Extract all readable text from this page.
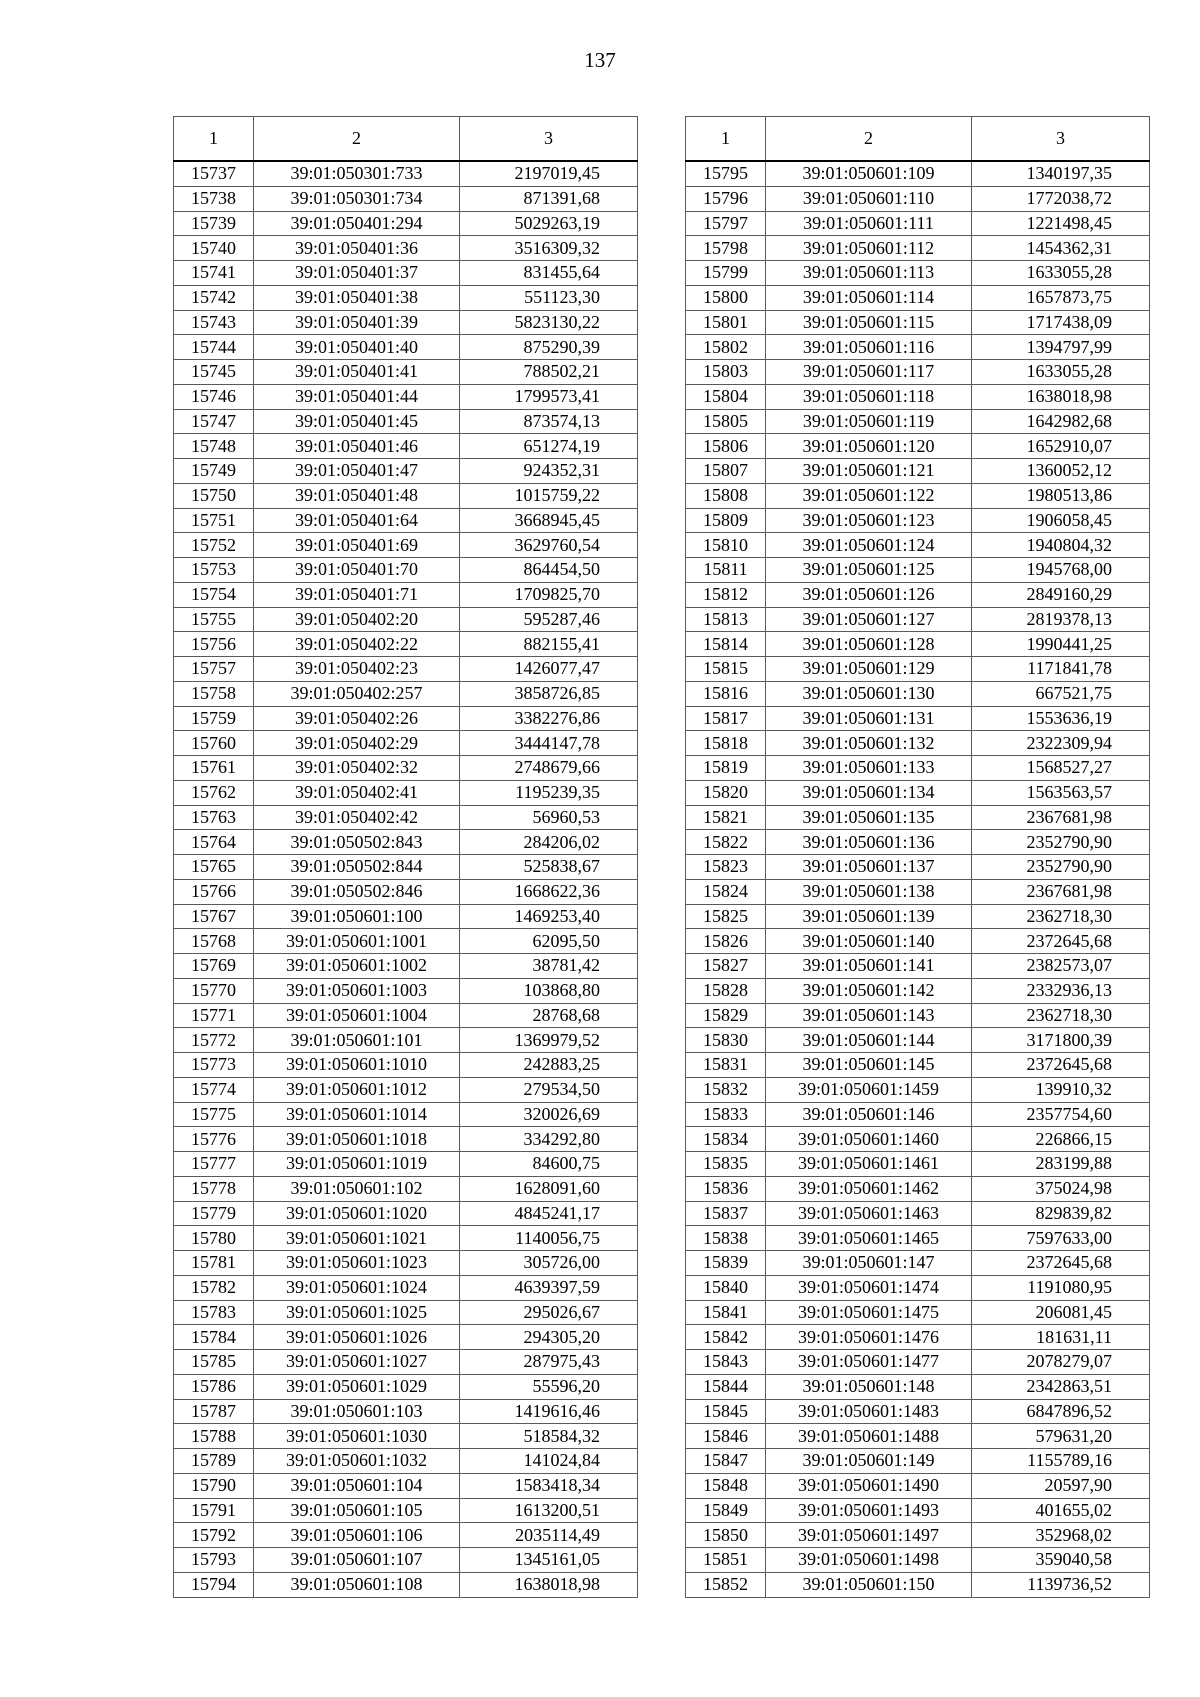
137
1	2	3
15737	39:01:050301:733	2197019,45
15738	39:01:050301:734	871391,68
15739	39:01:050401:294	5029263,19
15740	39:01:050401:36	3516309,32
15741	39:01:050401:37	831455,64
15742	39:01:050401:38	551123,30
15743	39:01:050401:39	5823130,22
15744	39:01:050401:40	875290,39
15745	39:01:050401:41	788502,21
15746	39:01:050401:44	1799573,41
15747	39:01:050401:45	873574,13
15748	39:01:050401:46	651274,19
15749	39:01:050401:47	924352,31
15750	39:01:050401:48	1015759,22
15751	39:01:050401:64	3668945,45
15752	39:01:050401:69	3629760,54
15753	39:01:050401:70	864454,50
15754	39:01:050401:71	1709825,70
15755	39:01:050402:20	595287,46
15756	39:01:050402:22	882155,41
15757	39:01:050402:23	1426077,47
15758	39:01:050402:257	3858726,85
15759	39:01:050402:26	3382276,86
15760	39:01:050402:29	3444147,78
15761	39:01:050402:32	2748679,66
15762	39:01:050402:41	1195239,35
15763	39:01:050402:42	56960,53
15764	39:01:050502:843	284206,02
15765	39:01:050502:844	525838,67
15766	39:01:050502:846	1668622,36
15767	39:01:050601:100	1469253,40
15768	39:01:050601:1001	62095,50
15769	39:01:050601:1002	38781,42
15770	39:01:050601:1003	103868,80
15771	39:01:050601:1004	28768,68
15772	39:01:050601:101	1369979,52
15773	39:01:050601:1010	242883,25
15774	39:01:050601:1012	279534,50
15775	39:01:050601:1014	320026,69
15776	39:01:050601:1018	334292,80
15777	39:01:050601:1019	84600,75
15778	39:01:050601:102	1628091,60
15779	39:01:050601:1020	4845241,17
15780	39:01:050601:1021	1140056,75
15781	39:01:050601:1023	305726,00
15782	39:01:050601:1024	4639397,59
15783	39:01:050601:1025	295026,67
15784	39:01:050601:1026	294305,20
15785	39:01:050601:1027	287975,43
15786	39:01:050601:1029	55596,20
15787	39:01:050601:103	1419616,46
15788	39:01:050601:1030	518584,32
15789	39:01:050601:1032	141024,84
15790	39:01:050601:104	1583418,34
15791	39:01:050601:105	1613200,51
15792	39:01:050601:106	2035114,49
15793	39:01:050601:107	1345161,05
15794	39:01:050601:108	1638018,98
1	2	3
15795	39:01:050601:109	1340197,35
15796	39:01:050601:110	1772038,72
15797	39:01:050601:111	1221498,45
15798	39:01:050601:112	1454362,31
15799	39:01:050601:113	1633055,28
15800	39:01:050601:114	1657873,75
15801	39:01:050601:115	1717438,09
15802	39:01:050601:116	1394797,99
15803	39:01:050601:117	1633055,28
15804	39:01:050601:118	1638018,98
15805	39:01:050601:119	1642982,68
15806	39:01:050601:120	1652910,07
15807	39:01:050601:121	1360052,12
15808	39:01:050601:122	1980513,86
15809	39:01:050601:123	1906058,45
15810	39:01:050601:124	1940804,32
15811	39:01:050601:125	1945768,00
15812	39:01:050601:126	2849160,29
15813	39:01:050601:127	2819378,13
15814	39:01:050601:128	1990441,25
15815	39:01:050601:129	1171841,78
15816	39:01:050601:130	667521,75
15817	39:01:050601:131	1553636,19
15818	39:01:050601:132	2322309,94
15819	39:01:050601:133	1568527,27
15820	39:01:050601:134	1563563,57
15821	39:01:050601:135	2367681,98
15822	39:01:050601:136	2352790,90
15823	39:01:050601:137	2352790,90
15824	39:01:050601:138	2367681,98
15825	39:01:050601:139	2362718,30
15826	39:01:050601:140	2372645,68
15827	39:01:050601:141	2382573,07
15828	39:01:050601:142	2332936,13
15829	39:01:050601:143	2362718,30
15830	39:01:050601:144	3171800,39
15831	39:01:050601:145	2372645,68
15832	39:01:050601:1459	139910,32
15833	39:01:050601:146	2357754,60
15834	39:01:050601:1460	226866,15
15835	39:01:050601:1461	283199,88
15836	39:01:050601:1462	375024,98
15837	39:01:050601:1463	829839,82
15838	39:01:050601:1465	7597633,00
15839	39:01:050601:147	2372645,68
15840	39:01:050601:1474	1191080,95
15841	39:01:050601:1475	206081,45
15842	39:01:050601:1476	181631,11
15843	39:01:050601:1477	2078279,07
15844	39:01:050601:148	2342863,51
15845	39:01:050601:1483	6847896,52
15846	39:01:050601:1488	579631,20
15847	39:01:050601:149	1155789,16
15848	39:01:050601:1490	20597,90
15849	39:01:050601:1493	401655,02
15850	39:01:050601:1497	352968,02
15851	39:01:050601:1498	359040,58
15852	39:01:050601:150	1139736,52
